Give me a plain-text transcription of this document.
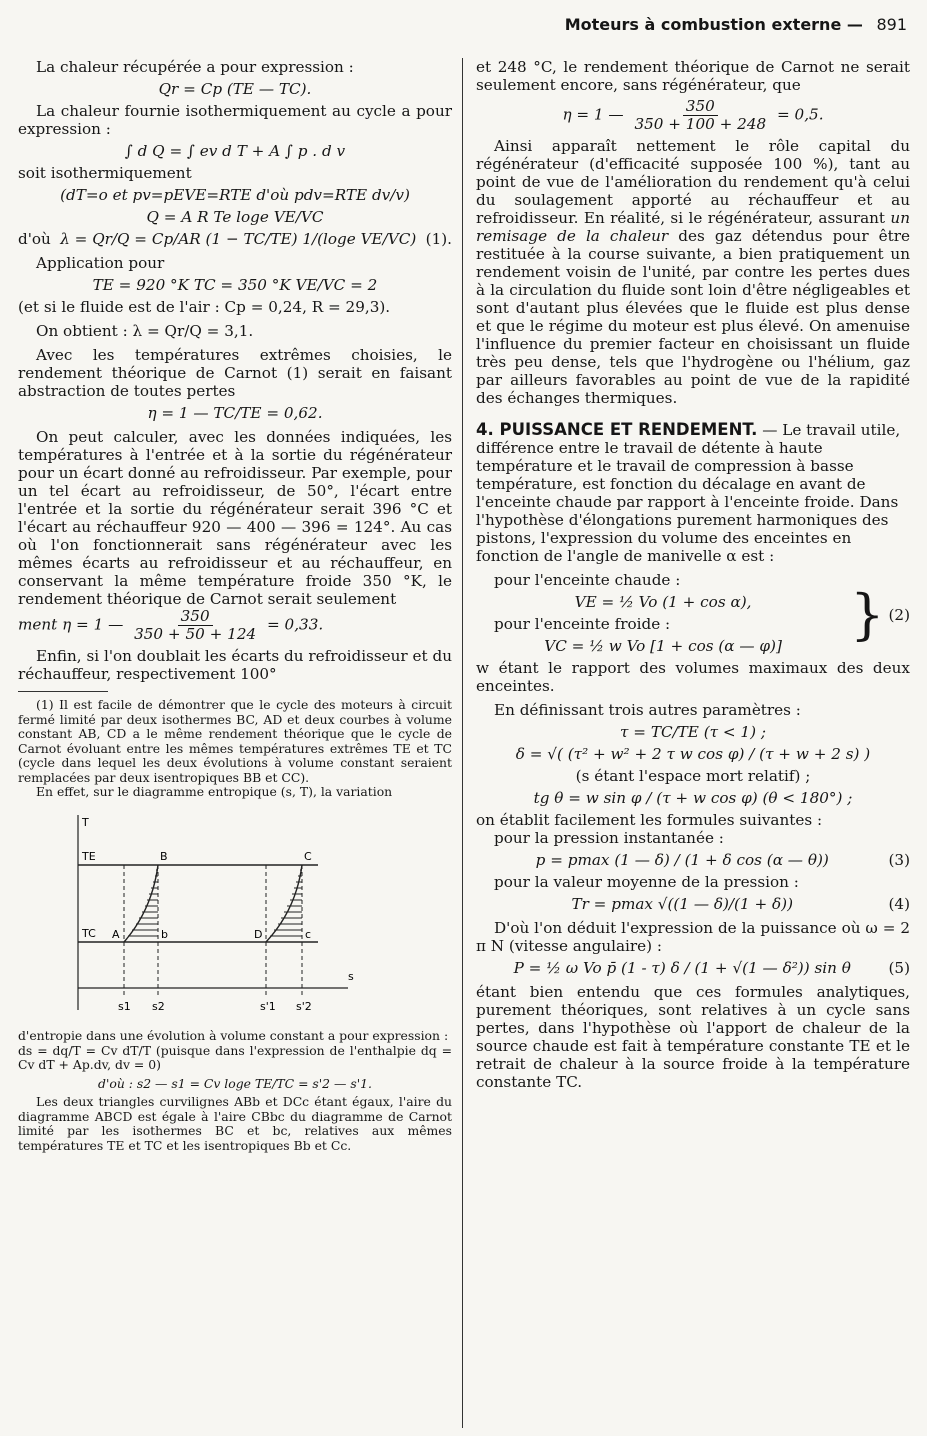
Moteurs à combustion externe — 891

La chaleur récupérée a pour expression :

Qr = Cp (TE — TC).

La chaleur fournie isothermiquement au cycle a pour expression :

∫ d Q = ∫ ev d T + A ∫ p . d v

soit isothermiquement

(dT=o et pv=pEVE=RTE d'où pdv=RTE dv/v)
Q = A R Te loge VE/VC
d'où λ = Qr/Q = Cp/AR (1 − TC/TE) 1/(loge VE/VC) (1).

Application pour

TE = 920 °K TC = 350 °K VE/VC = 2

(et si le fluide est de l'air : Cp = 0,24, R = 29,3).

On obtient : λ = Qr/Q = 3,1.

Avec les températures extrêmes choisies, le rendement théorique de Carnot (1) serait en faisant abstraction de toutes pertes

η = 1 — TC/TE = 0,62.

On peut calculer, avec les données indiquées, les températures à l'entrée et à la sortie du régénérateur pour un écart donné au refroidisseur. Par exemple, pour un tel écart au refroidisseur, de 50°, l'écart entre l'entrée et la sortie du régénérateur serait 396 °C et l'écart au réchauffeur 920 — 400 — 396 = 124°. Au cas où l'on fonctionnerait sans régénérateur avec les mêmes écarts au refroidisseur et au réchauffeur, en conservant la même température froide 350 °K, le rendement théorique de Carnot serait seulement

ment η = 1 — $\frac{350}{350 + 50 + 124} = 0,33$.

Enfin, si l'on doublait les écarts du refroidisseur et du réchauffeur, respectivement 100°

(1) Il est facile de démontrer que le cycle des moteurs à circuit fermé limité par deux isothermes BC, AD et deux courbes à volume constant AB, CD a le même rendement théorique que le cycle de Carnot évoluant entre les mêmes températures extrêmes TE et TC (cycle dans lequel les deux évolutions à volume constant seraient remplacées par deux isentropiques BB et CC).

En effet, sur le diagramme entropique (s, T), la variation

T
s
TE
TC
B	C
A	D
b	c
s1 s2	s'1 s'2

d'entropie dans une évolution à volume constant a pour expression :

ds = dq/T = Cv dT/T (puisque dans l'expression de l'enthalpie dq = Cv dT + Ap.dv, dv = 0)

d'où : s2 — s1 = Cv loge TE/TC = s'2 — s'1.

Les deux triangles curvilignes ABb et DCc étant égaux, l'aire du diagramme ABCD est égale à l'aire CBbc du diagramme de Carnot limité par les isothermes BC et bc, relatives aux mêmes températures TE et TC et les isentropiques Bb et Cc.

et 248 °C, le rendement théorique de Carnot ne serait seulement encore, sans régénérateur, que

η = 1 — $\frac{350}{350 + 100 + 248} = 0,5$.

Ainsi apparaît nettement le rôle capital du régénérateur (d'efficacité supposée 100 %), tant au point de vue de l'amélioration du rendement qu'à celui du soulagement apporté au réchauffeur et au refroidisseur. En réalité, si le régénérateur, assurant un remisage de la chaleur des gaz détendus pour être restituée à la course suivante, a bien pratiquement un rendement voisin de l'unité, par contre les pertes dues à la circulation du fluide sont loin d'être négligeables et sont d'autant plus élevées que le fluide est plus dense et que le régime du moteur est plus élevé. On amenuise l'influence du premier facteur en choisissant un fluide très peu dense, tels que l'hydrogène ou l'hélium, gaz par ailleurs favorables au point de vue de la rapidité des échanges thermiques.

4. PUISSANCE ET RENDEMENT. — Le travail utile, différence entre le travail de détente à haute température et le travail de compression à basse température, est fonction du décalage en avant de l'enceinte chaude par rapport à l'enceinte froide. Dans l'hypothèse d'élongations purement harmoniques des pistons, l'expression du volume des enceintes en fonction de l'angle de manivelle α est :

pour l'enceinte chaude :

VE = ½ Vo (1 + cos α),

pour l'enceinte froide :

VC = ½ w Vo [1 + cos (α — φ)]	} (2)

w étant le rapport des volumes maximaux des deux enceintes.

En définissant trois autres paramètres :

τ = TC/TE (τ < 1) ;
δ = √( (τ² + w² + 2 τ w cos φ) / (τ + w + 2 s) )

(s étant l'espace mort relatif) ;

tg θ = w sin φ / (τ + w cos φ) (θ < 180°) ;

on établit facilement les formules suivantes :

pour la pression instantanée :

p = pmax (1 — δ) / (1 + δ cos (α — θ))	(3)

pour la valeur moyenne de la pression :

Tr = pmax √((1 — δ)/(1 + δ))	(4)

D'où l'on déduit l'expression de la puissance où ω = 2 π N (vitesse angulaire) :

P = ½ ω Vo p̄ (1 - τ) δ / (1 + √(1 — δ²)) sin θ	(5)

étant bien entendu que ces formules analytiques, purement théoriques, sont relatives à un cycle sans pertes, dans l'hypothèse où l'apport de chaleur de la source chaude est fait à température constante TE et le retrait de chaleur à la source froide à la température constante TC.
